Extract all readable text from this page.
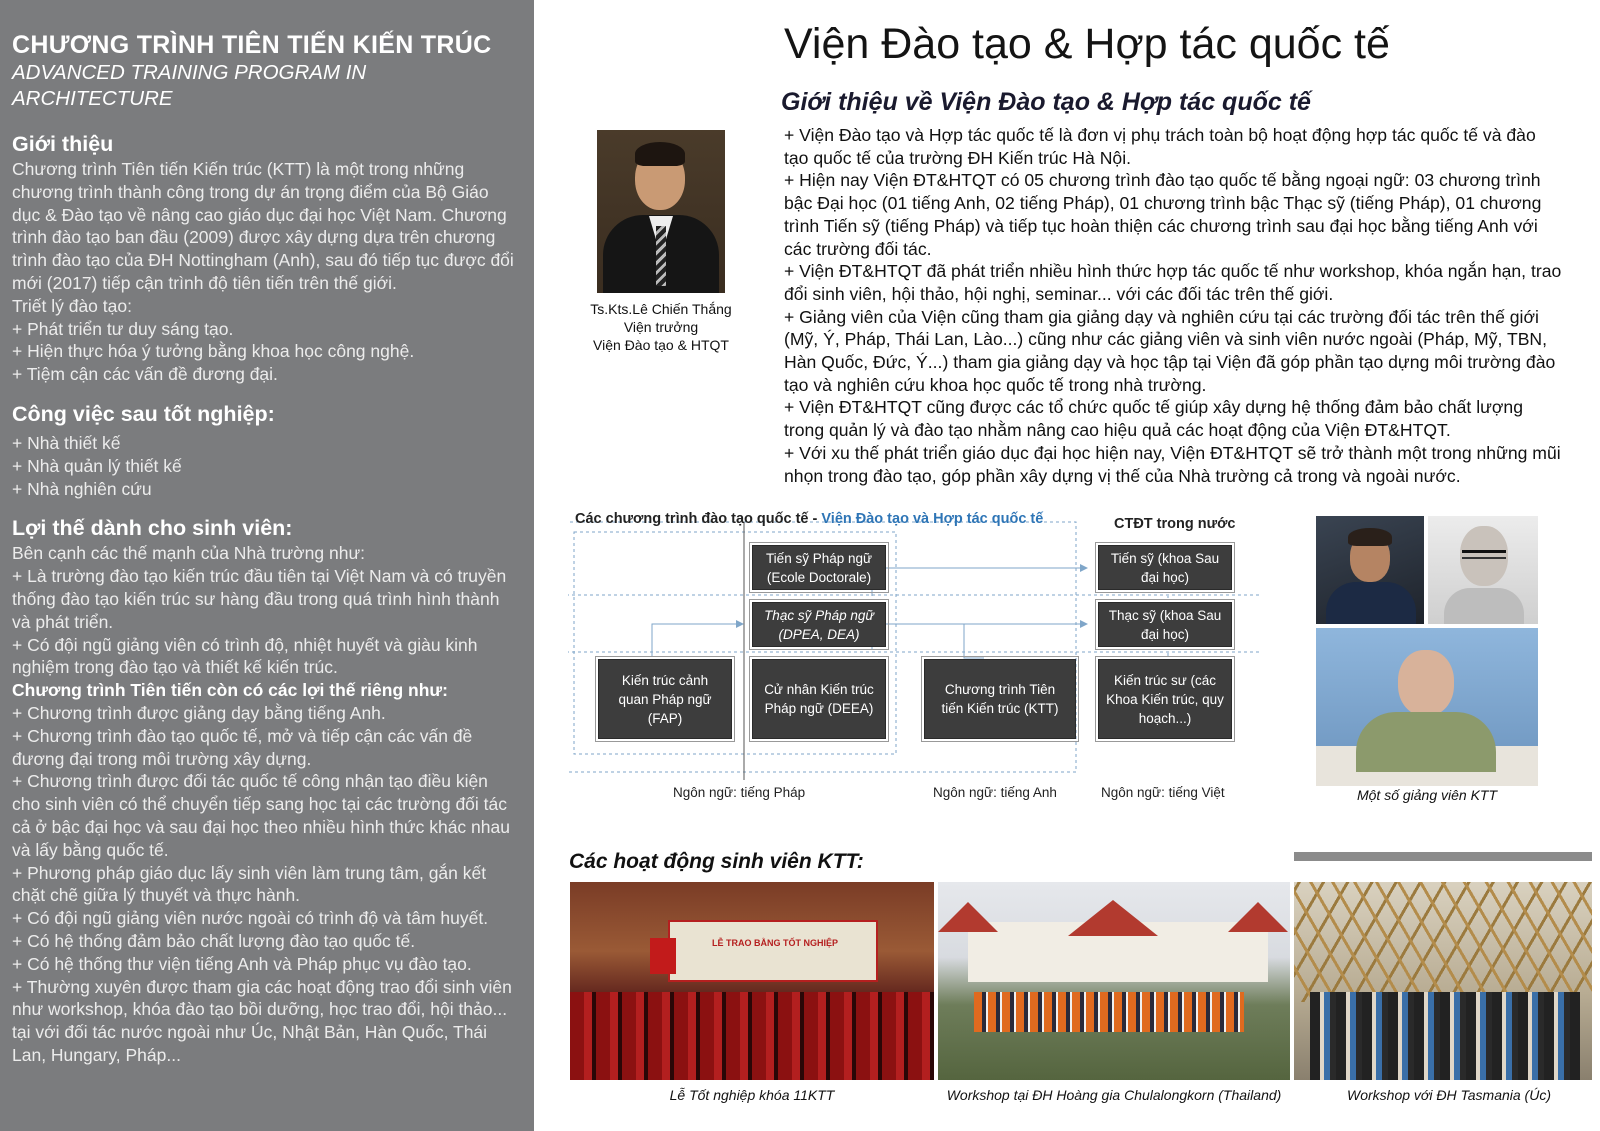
CHƯƠNG TRÌNH TIÊN TIẾN KIẾN TRÚC
ADVANCED TRAINING PROGRAM IN ARCHITECTURE
Giới thiệu

Chương trình Tiên tiến Kiến trúc (KTT) là một trong những chương trình thành công trong dự án trọng điểm của Bộ Giáo dục & Đào tạo về nâng cao giáo dục đại học Việt Nam. Chương trình đào tạo ban đầu (2009) được xây dựng dựa trên chương trình đào tạo của ĐH Nottingham (Anh), sau đó tiếp tục được đổi mới (2017) tiếp cận trình độ tiên tiến trên thế giới.

Triết lý đào tạo:

+ Phát triển tư duy sáng tạo.

+ Hiện thực hóa ý tưởng bằng khoa học công nghệ.

+ Tiệm cận các vấn đề đương đại.

Công việc sau tốt nghiệp:

+ Nhà thiết kế

+ Nhà quản lý thiết kế

+ Nhà nghiên cứu

Lợi thế dành cho sinh viên:

Bên cạnh các thế mạnh của Nhà trường như:

+ Là trường đào tạo kiến trúc đầu tiên tại Việt Nam và có truyền thống đào tạo kiến trúc sư hàng đầu trong quá trình hình thành và phát triển.

+ Có đội ngũ giảng viên có trình độ, nhiệt huyết và giàu kinh nghiệm trong đào tạo và thiết kế kiến trúc.

Chương trình Tiên tiến còn có các lợi thế riêng như:

+ Chương trình được giảng dạy bằng tiếng Anh.

+ Chương trình đào tạo quốc tế, mở và tiếp cận các vấn đề đương đại trong môi trường xây dựng.

+ Chương trình được đối tác quốc tế công nhận tạo điều kiện cho sinh viên có thể chuyển tiếp sang học tại các trường đối tác cả ở bậc đại học và sau đại học theo nhiều hình thức khác nhau và lấy bằng quốc tế.

+ Phương pháp giáo dục lấy sinh viên làm trung tâm, gắn kết chặt chẽ giữa lý thuyết và thực hành.

+ Có đội ngũ giảng viên nước ngoài có trình độ và tâm huyết.

+ Có hệ thống đảm bảo chất lượng đào tạo quốc tế.

+ Có hệ thống thư viện tiếng Anh và Pháp phục vụ đào tạo.

+ Thường xuyên được tham gia các hoạt động trao đổi sinh viên như workshop, khóa đào tạo bồi dưỡng, học trao đổi, hội thảo... tại với đối tác nước ngoài như Úc, Nhật Bản, Hàn Quốc, Thái Lan, Hungary, Pháp...

Viện Đào tạo & Hợp tác quốc tế
Giới thiệu về Viện Đào tạo & Hợp tác quốc tế
Ts.Kts.Lê Chiến Thắng
Viện trưởng
Viện Đào tạo & HTQT
+ Viện Đào tạo và Hợp tác quốc tế là đơn vị phụ trách toàn bộ hoạt động hợp tác quốc tế và đào tạo quốc tế của trường ĐH Kiến trúc Hà Nội.
+ Hiện nay Viện ĐT&HTQT có 05 chương trình đào tạo quốc tế bằng ngoại ngữ: 03 chương trình bậc Đại học (01 tiếng Anh, 02 tiếng Pháp), 01 chương trình bậc Thạc sỹ (tiếng Pháp), 01 chương trình Tiến sỹ (tiếng Pháp) và tiếp tục hoàn thiện các chương trình sau đại học bằng tiếng Anh với các trường đối tác.
+ Viện ĐT&HTQT đã phát triển nhiều hình thức hợp tác quốc tế như workshop, khóa ngắn hạn, trao đổi sinh viên, hội thảo, hội nghị, seminar... với các đối tác trên thế giới.
+ Giảng viên của Viện cũng tham gia giảng dạy và nghiên cứu tại các trường đối tác trên thế giới (Mỹ, Ý, Pháp, Thái Lan, Lào...) cũng như các giảng viên và sinh viên nước ngoài (Pháp, Mỹ, TBN, Hàn Quốc, Đức, Ý...) tham gia giảng dạy và học tập tại Viện đã góp phần tạo dựng môi trường đào tạo và nghiên cứu khoa học quốc tế trong nhà trường.
+ Viện ĐT&HTQT cũng được các tổ chức quốc tế giúp xây dựng hệ thống đảm bảo chất lượng trong quản lý và đào tạo nhằm nâng cao hiệu quả các hoạt động của Viện ĐT&HTQT.
+ Với xu thế phát triển giáo dục đại học hiện nay, Viện ĐT&HTQT sẽ trở thành một trong những mũi nhọn trong đào tạo, góp phần xây dựng vị thế của Nhà trường cả trong và ngoài nước.
Các chương trình đào tạo quốc tế - Viện Đào tạo và Hợp tác quốc tế	CTĐT trong nước
Tiến sỹ Pháp ngữ (Ecole Doctorale)
Thạc sỹ Pháp ngữ (DPEA, DEA)
Kiến trúc cảnh quan Pháp ngữ (FAP)
Cử nhân Kiến trúc Pháp ngữ (DEEA)
Chương trình Tiên tiến Kiến trúc (KTT)
Tiến sỹ (khoa Sau đại học)
Thạc sỹ (khoa Sau đại học)
Kiến trúc sư (các Khoa Kiến trúc, quy hoạch...)
Ngôn ngữ: tiếng Pháp	Ngôn ngữ: tiếng Anh	Ngôn ngữ: tiếng Việt	Một số giảng viên KTT
Các hoạt động sinh viên KTT:
LỄ TRAO BẰNG TỐT NGHIỆP
Lễ Tốt nghiệp khóa 11KTT	Workshop tại ĐH Hoàng gia Chulalongkorn (Thailand)	Workshop với ĐH Tasmania (Úc)
